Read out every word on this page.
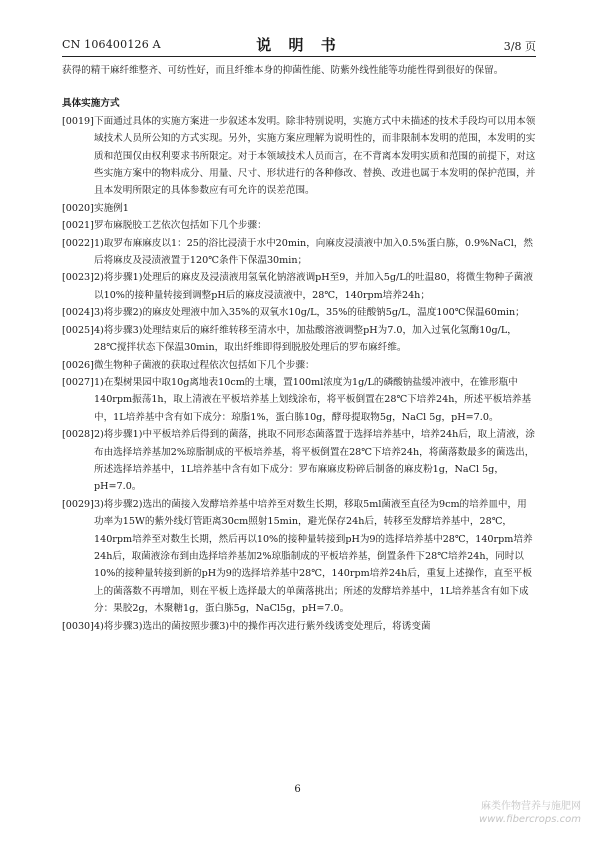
CN 106400126 A	说 明 书	3/8 页

获得的精干麻纤维整齐、可纺性好，而且纤维本身的抑菌性能、防紫外线性能等功能性得到很好的保留。

具体实施方式

[0019] 下面通过具体的实施方案进一步叙述本发明。除非特别说明，实施方式中未描述的技术手段均可以用本领域技术人员所公知的方式实现。另外，实施方案应理解为说明性的，而非限制本发明的范围，本发明的实质和范围仅由权利要求书所限定。对于本领域技术人员而言，在不背离本发明实质和范围的前提下，对这些实施方案中的物料成分、用量、尺寸、形状进行的各种修改、替换、改进也属于本发明的保护范围，并且本发明所限定的具体参数应有可允许的误差范围。
[0020] 实施例1
[0021] 罗布麻脱胶工艺依次包括如下几个步骤：
[0022] 1)取罗布麻麻皮以1：25的浴比浸渍于水中20min，向麻皮浸渍液中加入0.5%蛋白胨，0.9%NaCl，然后将麻皮及浸渍液置于120℃条件下保温30min；
[0023] 2)将步骤1)处理后的麻皮及浸渍液用氢氧化钠溶液调pH至9，并加入5g/L的吐温80，将微生物种子菌液以10%的接种量转接到调整pH后的麻皮浸渍液中，28℃，140rpm培养24h；
[0024] 3)将步骤2)的麻皮处理液中加入35%的双氧水10g/L，35%的硅酸钠5g/L，温度100℃保温60min；
[0025] 4)将步骤3)处理结束后的麻纤维转移至清水中，加盐酸溶液调整pH为7.0，加入过氧化氢酶10g/L，28℃搅拌状态下保温30min，取出纤维即得到脱胶处理后的罗布麻纤维。
[0026] 微生物种子菌液的获取过程依次包括如下几个步骤：
[0027] 1)在梨树果园中取10g离地表10cm的土壤，置100ml浓度为1g/L的磷酸钠盐缓冲液中，在锥形瓶中140rpm振荡1h，取上清液在平板培养基上划线涂布，将平板倒置在28℃下培养24h，所述平板培养基中，1L培养基中含有如下成分：琼脂1%，蛋白胨10g，酵母提取物5g，NaCl 5g，pH=7.0。
[0028] 2)将步骤1)中平板培养后得到的菌落，挑取不同形态菌落置于选择培养基中，培养24h后，取上清液，涂布由选择培养基加2%琼脂制成的平板培养基，将平板倒置在28℃下培养24h，将菌落数最多的菌选出，所述选择培养基中，1L培养基中含有如下成分：罗布麻麻皮粉碎后制备的麻皮粉1g，NaCl 5g，pH=7.0。
[0029] 3)将步骤2)选出的菌接入发酵培养基中培养至对数生长期，移取5ml菌液至直径为9cm的培养皿中，用功率为15W的紫外线灯管距离30cm照射15min，避光保存24h后，转移至发酵培养基中，28℃，140rpm培养至对数生长期，然后再以10%的接种量转接到pH为9的选择培养基中28℃，140rpm培养24h后，取菌液涂布到由选择培养基加2%琼脂制成的平板培养基，倒置条件下28℃培养24h，同时以10%的接种量转接到新的pH为9的选择培养基中28℃，140rpm培养24h后，重复上述操作，直至平板上的菌落数不再增加，则在平板上选择最大的单菌落挑出；所述的发酵培养基中，1L培养基含有如下成分：果胶2g，木聚糖1g，蛋白胨5g，NaCl5g，pH=7.0。
[0030] 4)将步骤3)选出的菌按照步骤3)中的操作再次进行紫外线诱变处理后，将诱变菌
6
麻类作物营养与施肥网
www.fibercrops.com
